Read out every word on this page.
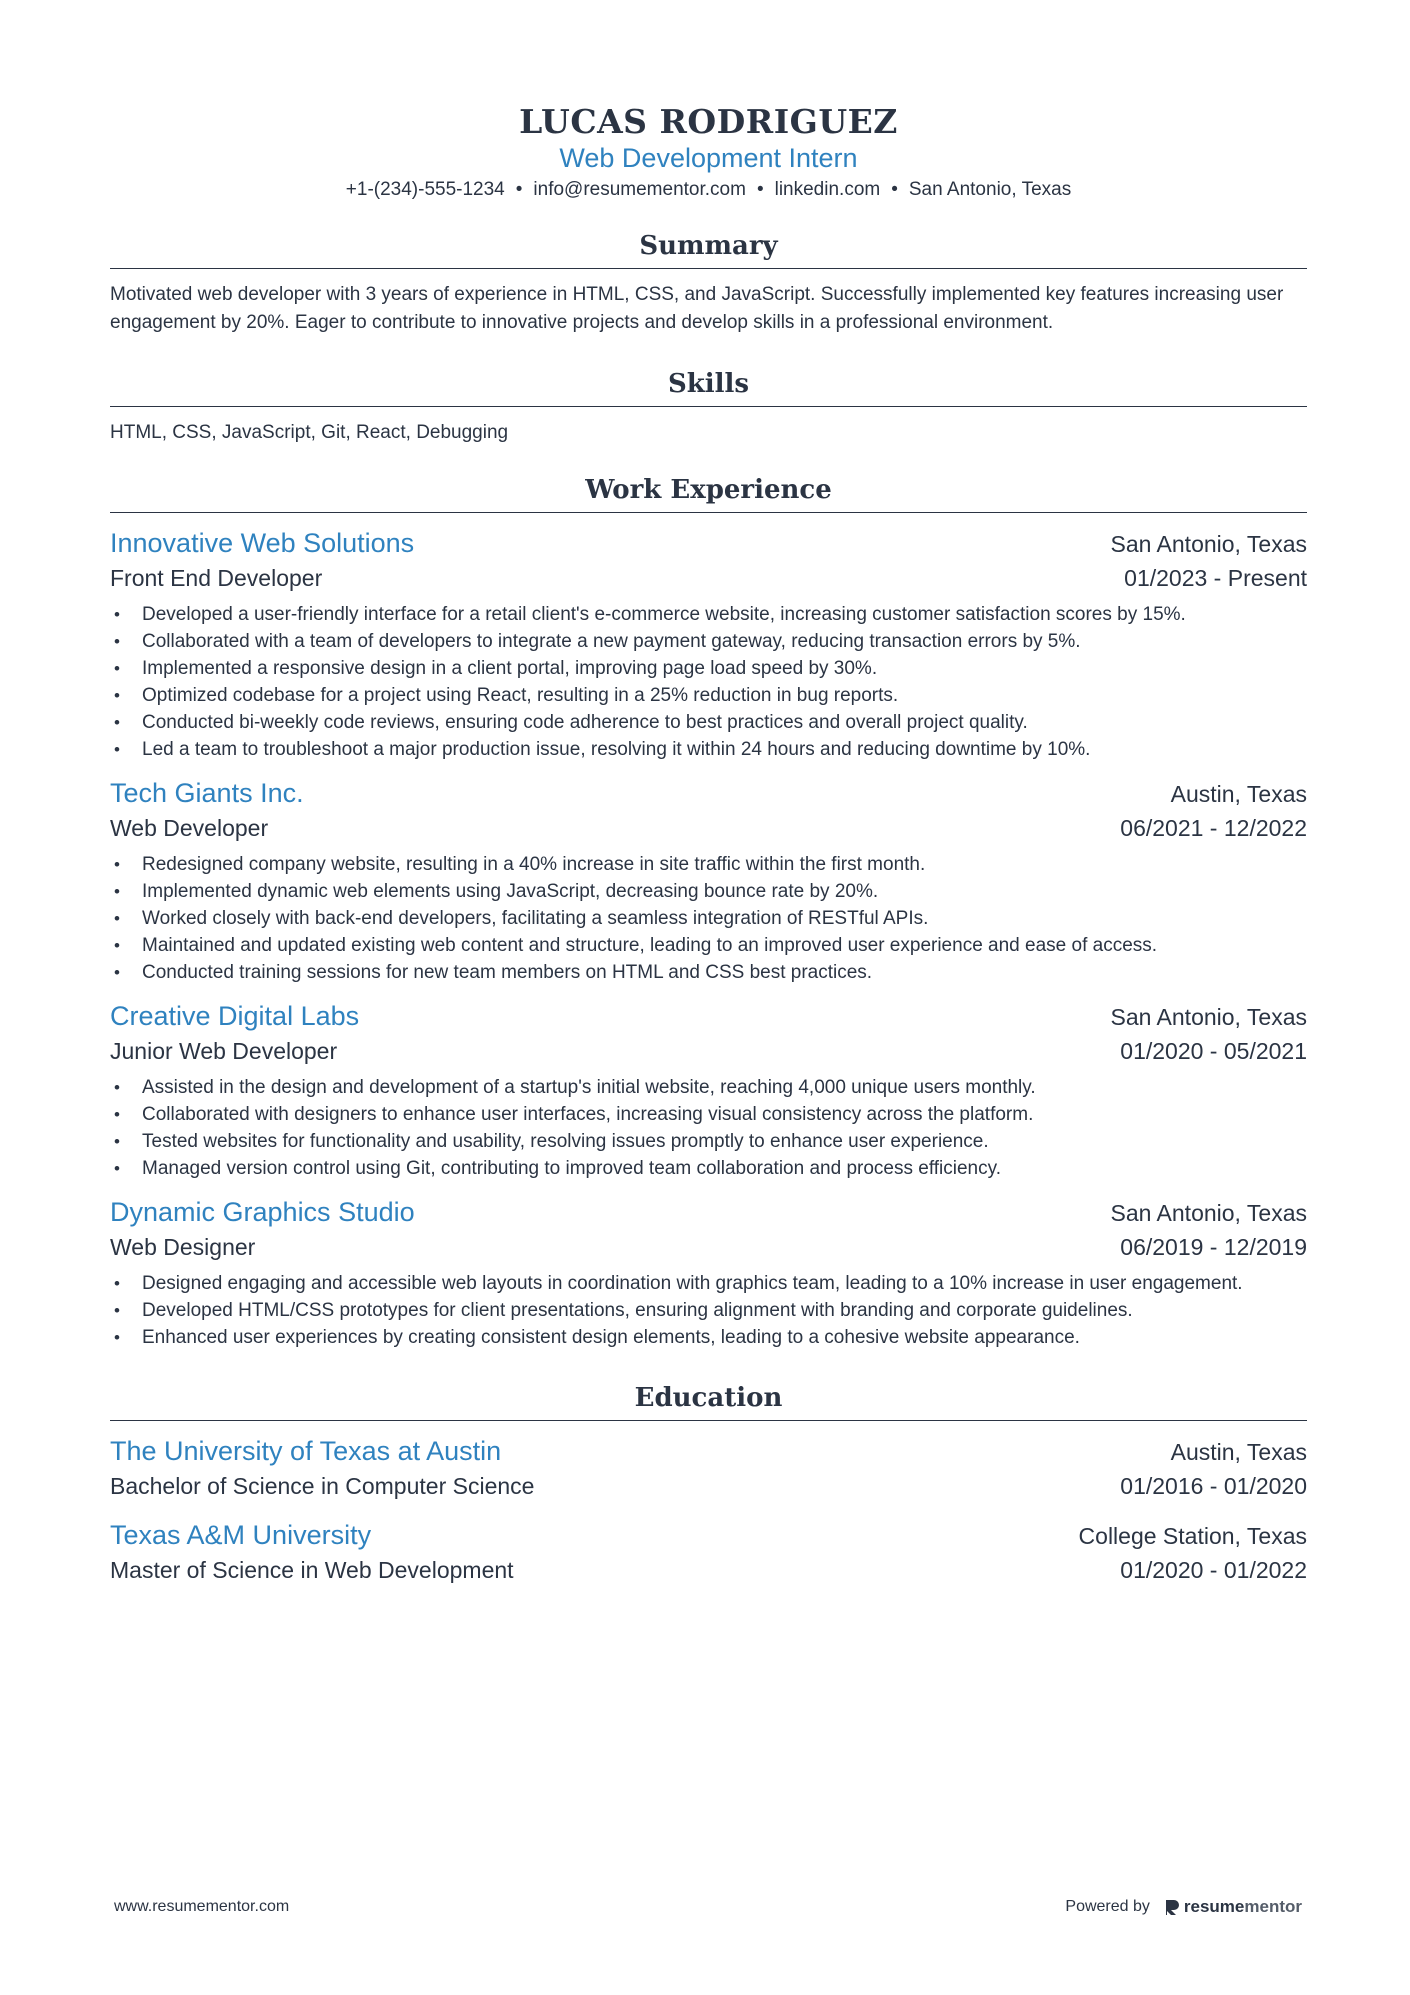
LUCAS RODRIGUEZ
Web Development Intern
+1-(234)-555-1234 • info@resumementor.com • linkedin.com • San Antonio, Texas
Summary
Motivated web developer with 3 years of experience in HTML, CSS, and JavaScript. Successfully implemented key features increasing user engagement by 20%. Eager to contribute to innovative projects and develop skills in a professional environment.
Skills
HTML, CSS, JavaScript, Git, React, Debugging
Work Experience
Innovative Web Solutions	San Antonio, Texas
Front End Developer	01/2023 - Present
• Developed a user-friendly interface for a retail client's e-commerce website, increasing customer satisfaction scores by 15%.
• Collaborated with a team of developers to integrate a new payment gateway, reducing transaction errors by 5%.
• Implemented a responsive design in a client portal, improving page load speed by 30%.
• Optimized codebase for a project using React, resulting in a 25% reduction in bug reports.
• Conducted bi-weekly code reviews, ensuring code adherence to best practices and overall project quality.
• Led a team to troubleshoot a major production issue, resolving it within 24 hours and reducing downtime by 10%.
Tech Giants Inc.	Austin, Texas
Web Developer	06/2021 - 12/2022
• Redesigned company website, resulting in a 40% increase in site traffic within the first month.
• Implemented dynamic web elements using JavaScript, decreasing bounce rate by 20%.
• Worked closely with back-end developers, facilitating a seamless integration of RESTful APIs.
• Maintained and updated existing web content and structure, leading to an improved user experience and ease of access.
• Conducted training sessions for new team members on HTML and CSS best practices.
Creative Digital Labs	San Antonio, Texas
Junior Web Developer	01/2020 - 05/2021
• Assisted in the design and development of a startup's initial website, reaching 4,000 unique users monthly.
• Collaborated with designers to enhance user interfaces, increasing visual consistency across the platform.
• Tested websites for functionality and usability, resolving issues promptly to enhance user experience.
• Managed version control using Git, contributing to improved team collaboration and process efficiency.
Dynamic Graphics Studio	San Antonio, Texas
Web Designer	06/2019 - 12/2019
• Designed engaging and accessible web layouts in coordination with graphics team, leading to a 10% increase in user engagement.
• Developed HTML/CSS prototypes for client presentations, ensuring alignment with branding and corporate guidelines.
• Enhanced user experiences by creating consistent design elements, leading to a cohesive website appearance.
Education
The University of Texas at Austin	Austin, Texas
Bachelor of Science in Computer Science	01/2016 - 01/2020
Texas A&M University	College Station, Texas
Master of Science in Web Development	01/2020 - 01/2022
www.resumementor.com	Powered by resumementor
